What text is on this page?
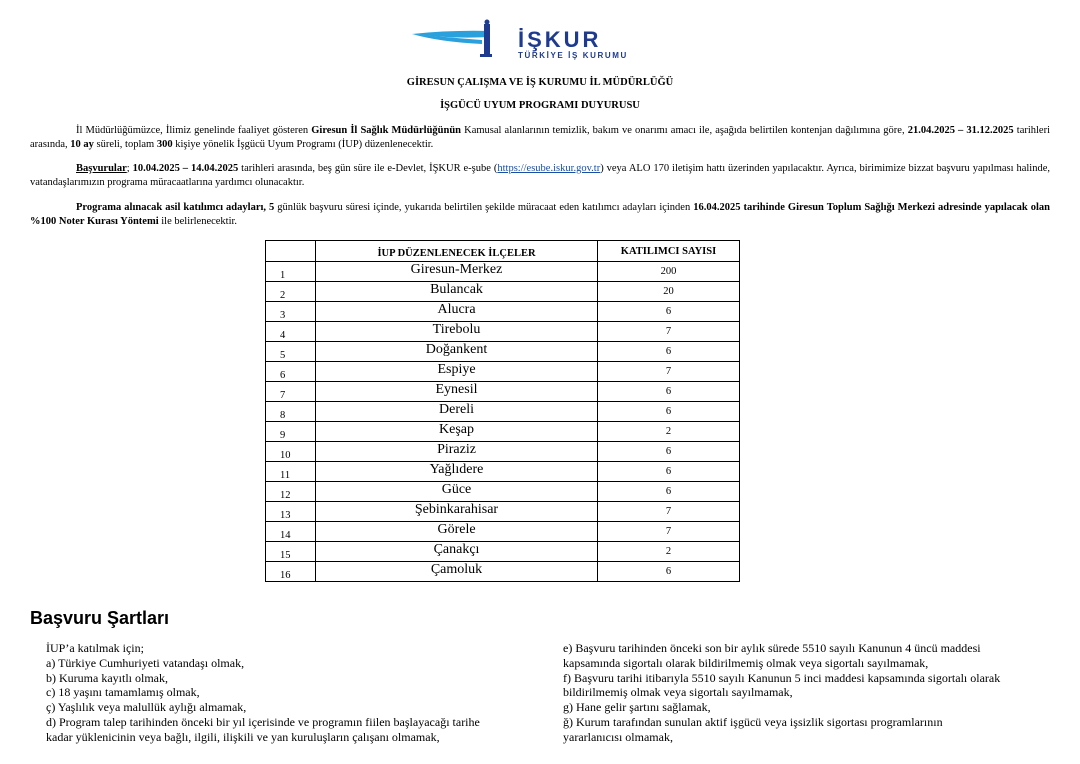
İŞKUR
TÜRKİYE İŞ KURUMU
GİRESUN ÇALIŞMA VE İŞ KURUMU İL MÜDÜRLÜĞÜ
İŞGÜCÜ UYUM PROGRAMI DUYURUSU
İl Müdürlüğümüzce, İlimiz genelinde faaliyet gösteren Giresun İl Sağlık Müdürlüğünün Kamusal alanlarının temizlik, bakım ve onarımı amacı ile, aşağıda belirtilen kontenjan dağılımına göre, 21.04.2025 – 31.12.2025 tarihleri arasında, 10 ay süreli, toplam 300 kişiye yönelik İşgücü Uyum Programı (İUP) düzenlenecektir.
Başvurular; 10.04.2025 – 14.04.2025 tarihleri arasında, beş gün süre ile e-Devlet, İŞKUR e-şube (https://esube.iskur.gov.tr) veya ALO 170 iletişim hattı üzerinden yapılacaktır. Ayrıca, birimimize bizzat başvuru yapılması halinde, vatandaşlarımızın programa müracaatlarına yardımcı olunacaktır.
Programa alınacak asil katılımcı adayları, 5 günlük başvuru süresi içinde, yukarıda belirtilen şekilde müracaat eden katılımcı adayları içinden 16.04.2025 tarihinde Giresun Toplum Sağlığı Merkezi adresinde yapılacak olan %100 Noter Kurası Yöntemi ile belirlenecektir.
	İUP DÜZENLENECEK İLÇELER	KATILIMCI SAYISI
1	Giresun-Merkez	200
2	Bulancak	20
3	Alucra	6
4	Tirebolu	7
5	Doğankent	6
6	Espiye	7
7	Eynesil	6
8	Dereli	6
9	Keşap	2
10	Piraziz	6
11	Yağlıdere	6
12	Güce	6
13	Şebinkarahisar	7
14	Görele	7
15	Çanakçı	2
16	Çamoluk	6
Başvuru Şartları
İUP’a katılmak için;
a) Türkiye Cumhuriyeti vatandaşı olmak,
b) Kuruma kayıtlı olmak,
c) 18 yaşını tamamlamış olmak,
ç) Yaşlılık veya malullük aylığı almamak,
d) Program talep tarihinden önceki bir yıl içerisinde ve programın fiilen başlayacağı tarihe
kadar yüklenicinin veya bağlı, ilgili, ilişkili ve yan kuruluşların çalışanı olmamak,
e) Başvuru tarihinden önceki son bir aylık sürede 5510 sayılı Kanunun 4 üncü maddesi
kapsamında sigortalı olarak bildirilmemiş olmak veya sigortalı sayılmamak,
f) Başvuru tarihi itibarıyla 5510 sayılı Kanunun 5 inci maddesi kapsamında sigortalı olarak
bildirilmemiş olmak veya sigortalı sayılmamak,
g) Hane gelir şartını sağlamak,
ğ) Kurum tarafından sunulan aktif işgücü veya işsizlik sigortası programlarının
yararlanıcısı olmamak,
